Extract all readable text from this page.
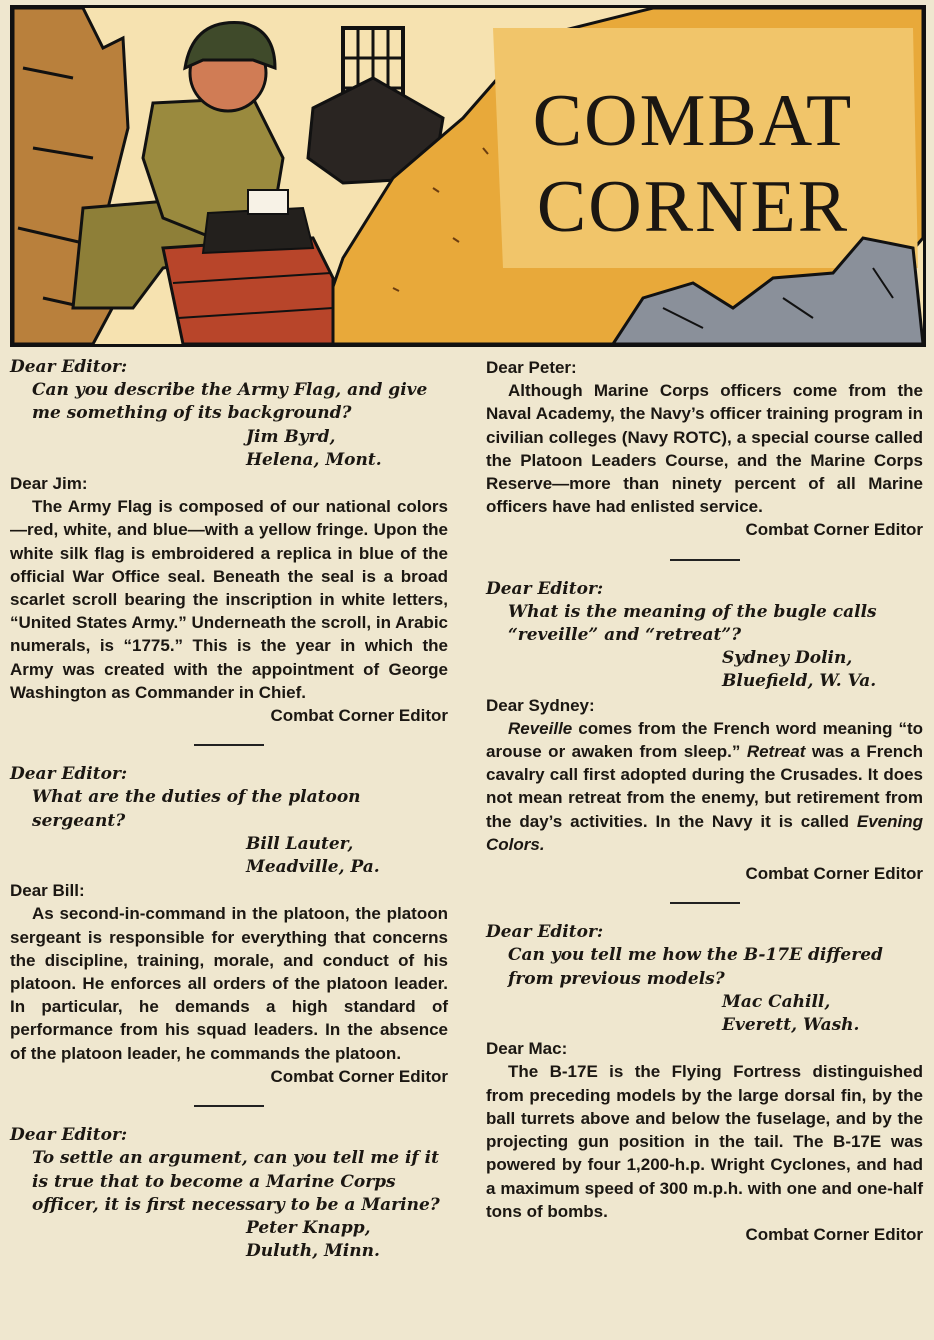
COMBAT
CORNER

Dear Editor:

Can you describe the Army Flag, and give me something of its background?

Jim Byrd,

Helena, Mont.

Dear Jim:

The Army Flag is composed of our national colors—red, white, and blue—with a yellow fringe. Upon the white silk flag is embroidered a replica in blue of the official War Office seal. Beneath the seal is a broad scarlet scroll bearing the inscription in white letters, “United States Army.” Underneath the scroll, in Arabic numerals, is “1775.” This is the year in which the Army was created with the appointment of George Washington as Commander in Chief.

Combat Corner Editor

Dear Editor:

What are the duties of the platoon sergeant?

Bill Lauter,

Meadville, Pa.

Dear Bill:

As second-in-command in the platoon, the platoon sergeant is responsible for everything that concerns the discipline, training, morale, and conduct of his platoon. He enforces all orders of the platoon leader. In particular, he demands a high standard of performance from his squad leaders. In the absence of the platoon leader, he commands the platoon.

Combat Corner Editor

Dear Editor:

To settle an argument, can you tell me if it is true that to become a Marine Corps officer, it is first necessary to be a Marine?

Peter Knapp,

Duluth, Minn.

Dear Peter:

Although Marine Corps officers come from the Naval Academy, the Navy’s officer training program in civilian colleges (Navy ROTC), a special course called the Platoon Leaders Course, and the Marine Corps Reserve—more than ninety percent of all Marine officers have had enlisted service.

Combat Corner Editor

Dear Editor:

What is the meaning of the bugle calls “reveille” and “retreat”?

Sydney Dolin,

Bluefield, W. Va.

Dear Sydney:

Reveille comes from the French word meaning “to arouse or awaken from sleep.” Retreat was a French cavalry call first adopted during the Crusades. It does not mean retreat from the enemy, but retirement from the day’s activities. In the Navy it is called Evening Colors.

Combat Corner Editor

Dear Editor:

Can you tell me how the B-17E differed from previous models?

Mac Cahill,

Everett, Wash.

Dear Mac:

The B-17E is the Flying Fortress distinguished from preceding models by the large dorsal fin, by the ball turrets above and below the fuselage, and by the projecting gun position in the tail. The B-17E was powered by four 1,200-h.p. Wright Cyclones, and had a maximum speed of 300 m.p.h. with one and one-half tons of bombs.

Combat Corner Editor
